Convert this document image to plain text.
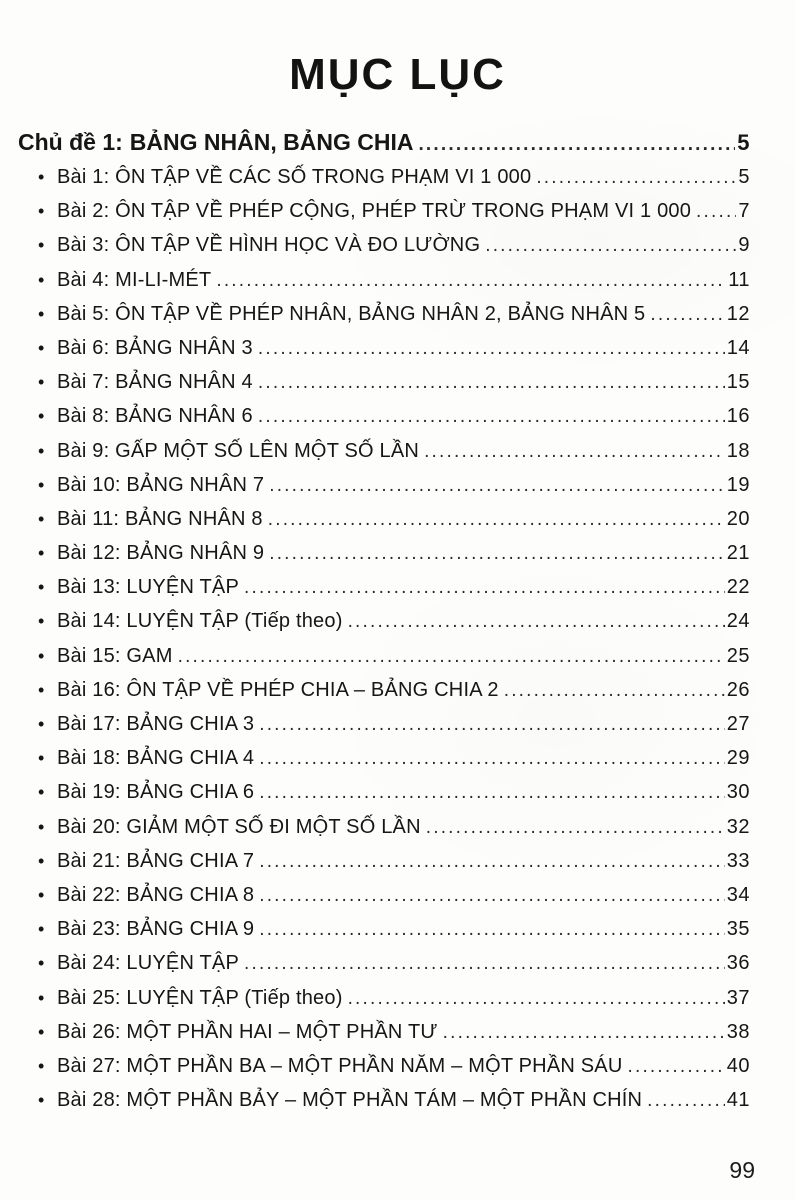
MỤC LỤC
Chủ đề 1: BẢNG NHÂN, BẢNG CHIA .....	5
• Bài 1: ÔN TẬP VỀ CÁC SỐ TRONG PHẠM VI 1 000 .....	5
• Bài 2: ÔN TẬP VỀ PHÉP CỘNG, PHÉP TRỪ TRONG PHẠM VI 1 000 ..... 7
• Bài 3: ÔN TẬP VỀ HÌNH HỌC VÀ ĐO LƯỜNG .....	9
• Bài 4: MI-LI-MÉT .....	11
• Bài 5: ÔN TẬP VỀ PHÉP NHÂN, BẢNG NHÂN 2, BẢNG NHÂN 5 .....	12
• Bài 6: BẢNG NHÂN 3 .....	14
• Bài 7: BẢNG NHÂN 4 .....	15
• Bài 8: BẢNG NHÂN 6 .....	16
• Bài 9: GẤP MỘT SỐ LÊN MỘT SỐ LẦN .....	18
• Bài 10: BẢNG NHÂN 7 .....	19
• Bài 11: BẢNG NHÂN 8 .....	20
• Bài 12: BẢNG NHÂN 9 .....	21
• Bài 13: LUYỆN TẬP .....	22
• Bài 14: LUYỆN TẬP (Tiếp theo) .....	24
• Bài 15: GAM .....	25
• Bài 16: ÔN TẬP VỀ PHÉP CHIA – BẢNG CHIA 2 .....	26
• Bài 17: BẢNG CHIA 3 .....	27
• Bài 18: BẢNG CHIA 4 .....	29
• Bài 19: BẢNG CHIA 6 .....	30
• Bài 20: GIẢM MỘT SỐ ĐI MỘT SỐ LẦN .....	32
• Bài 21: BẢNG CHIA 7 .....	33
• Bài 22: BẢNG CHIA 8 .....	34
• Bài 23: BẢNG CHIA 9 .....	35
• Bài 24: LUYỆN TẬP .....	36
• Bài 25: LUYỆN TẬP (Tiếp theo) .....	37
• Bài 26: MỘT PHẦN HAI – MỘT PHẦN TƯ .....	38
• Bài 27: MỘT PHẦN BA – MỘT PHẦN NĂM – MỘT PHẦN SÁU .....	40
• Bài 28: MỘT PHẦN BẢY – MỘT PHẦN TÁM – MỘT PHẦN CHÍN .....	41
99
